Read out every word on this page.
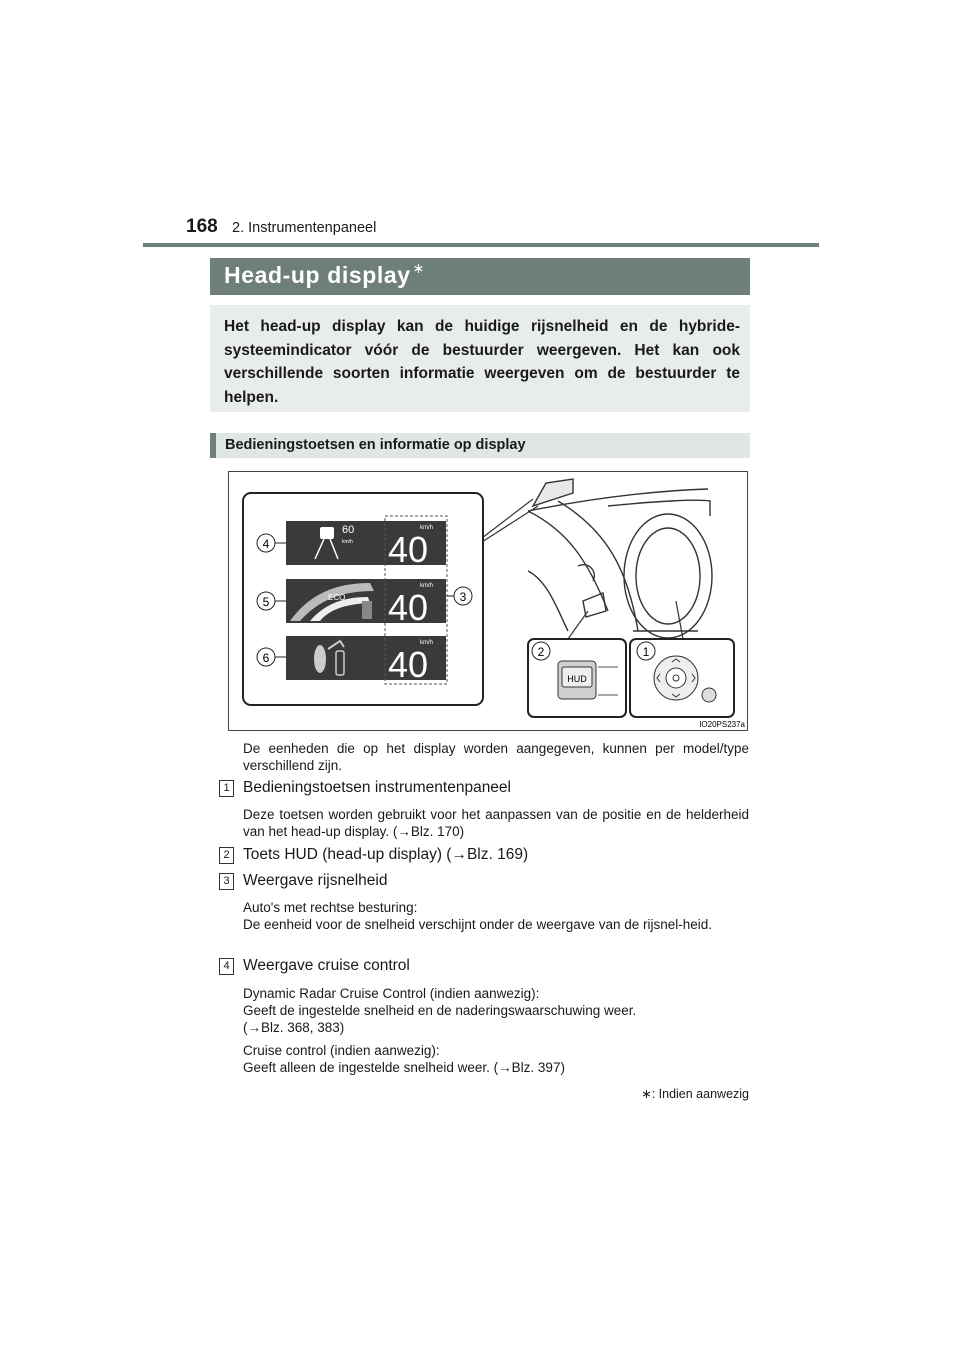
168 2. Instrumentenpaneel
Head-up display ∗

Het head-up display kan de huidige rijsnelheid en de hybride-systeemindicator vóór de bestuurder weergeven. Het kan ook verschillende soorten informatie weergeven om de bestuurder te helpen.

Bedieningstoetsen en informatie op display
60
km/h
km/h
40
ECO
km/h
40
km/h
40
4
5
6
3
HUD
2	1
IO20PS237a
De eenheden die op het display worden aangegeven, kunnen per model/type verschillend zijn.
1 Bedieningstoetsen instrumentenpaneel

Deze toetsen worden gebruikt voor het aanpassen van de positie en de helderheid van het head-up display. (→Blz. 170)

2 Toets HUD (head-up display) (→Blz. 169)
3 Weergave rijsnelheid

Auto's met rechtse besturing:

De eenheid voor de snelheid verschijnt onder de weergave van de rijsnel-heid.

4 Weergave cruise control

Dynamic Radar Cruise Control (indien aanwezig):

Geeft de ingestelde snelheid en de naderingswaarschuwing weer.

(→Blz. 368, 383)

Cruise control (indien aanwezig):

Geeft alleen de ingestelde snelheid weer. (→Blz. 397)

∗: Indien aanwezig
